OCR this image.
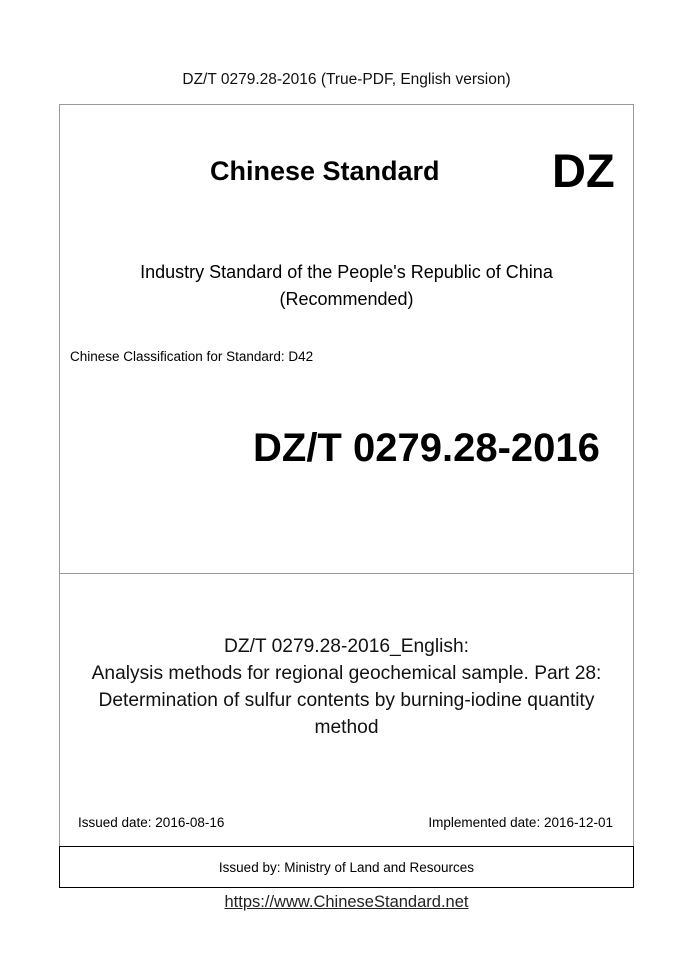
DZ/T 0279.28-2016 (True-PDF, English version)
Chinese Standard DZ
Industry Standard of the People's Republic of China
(Recommended)
Chinese Classification for Standard: D42
DZ/T 0279.28-2016
DZ/T 0279.28-2016_English:
Analysis methods for regional geochemical sample. Part 28:
Determination of sulfur contents by burning-iodine quantity
method
Issued date: 2016-08-16	Implemented date: 2016-12-01
Issued by: Ministry of Land and Resources
https://www.ChineseStandard.net
